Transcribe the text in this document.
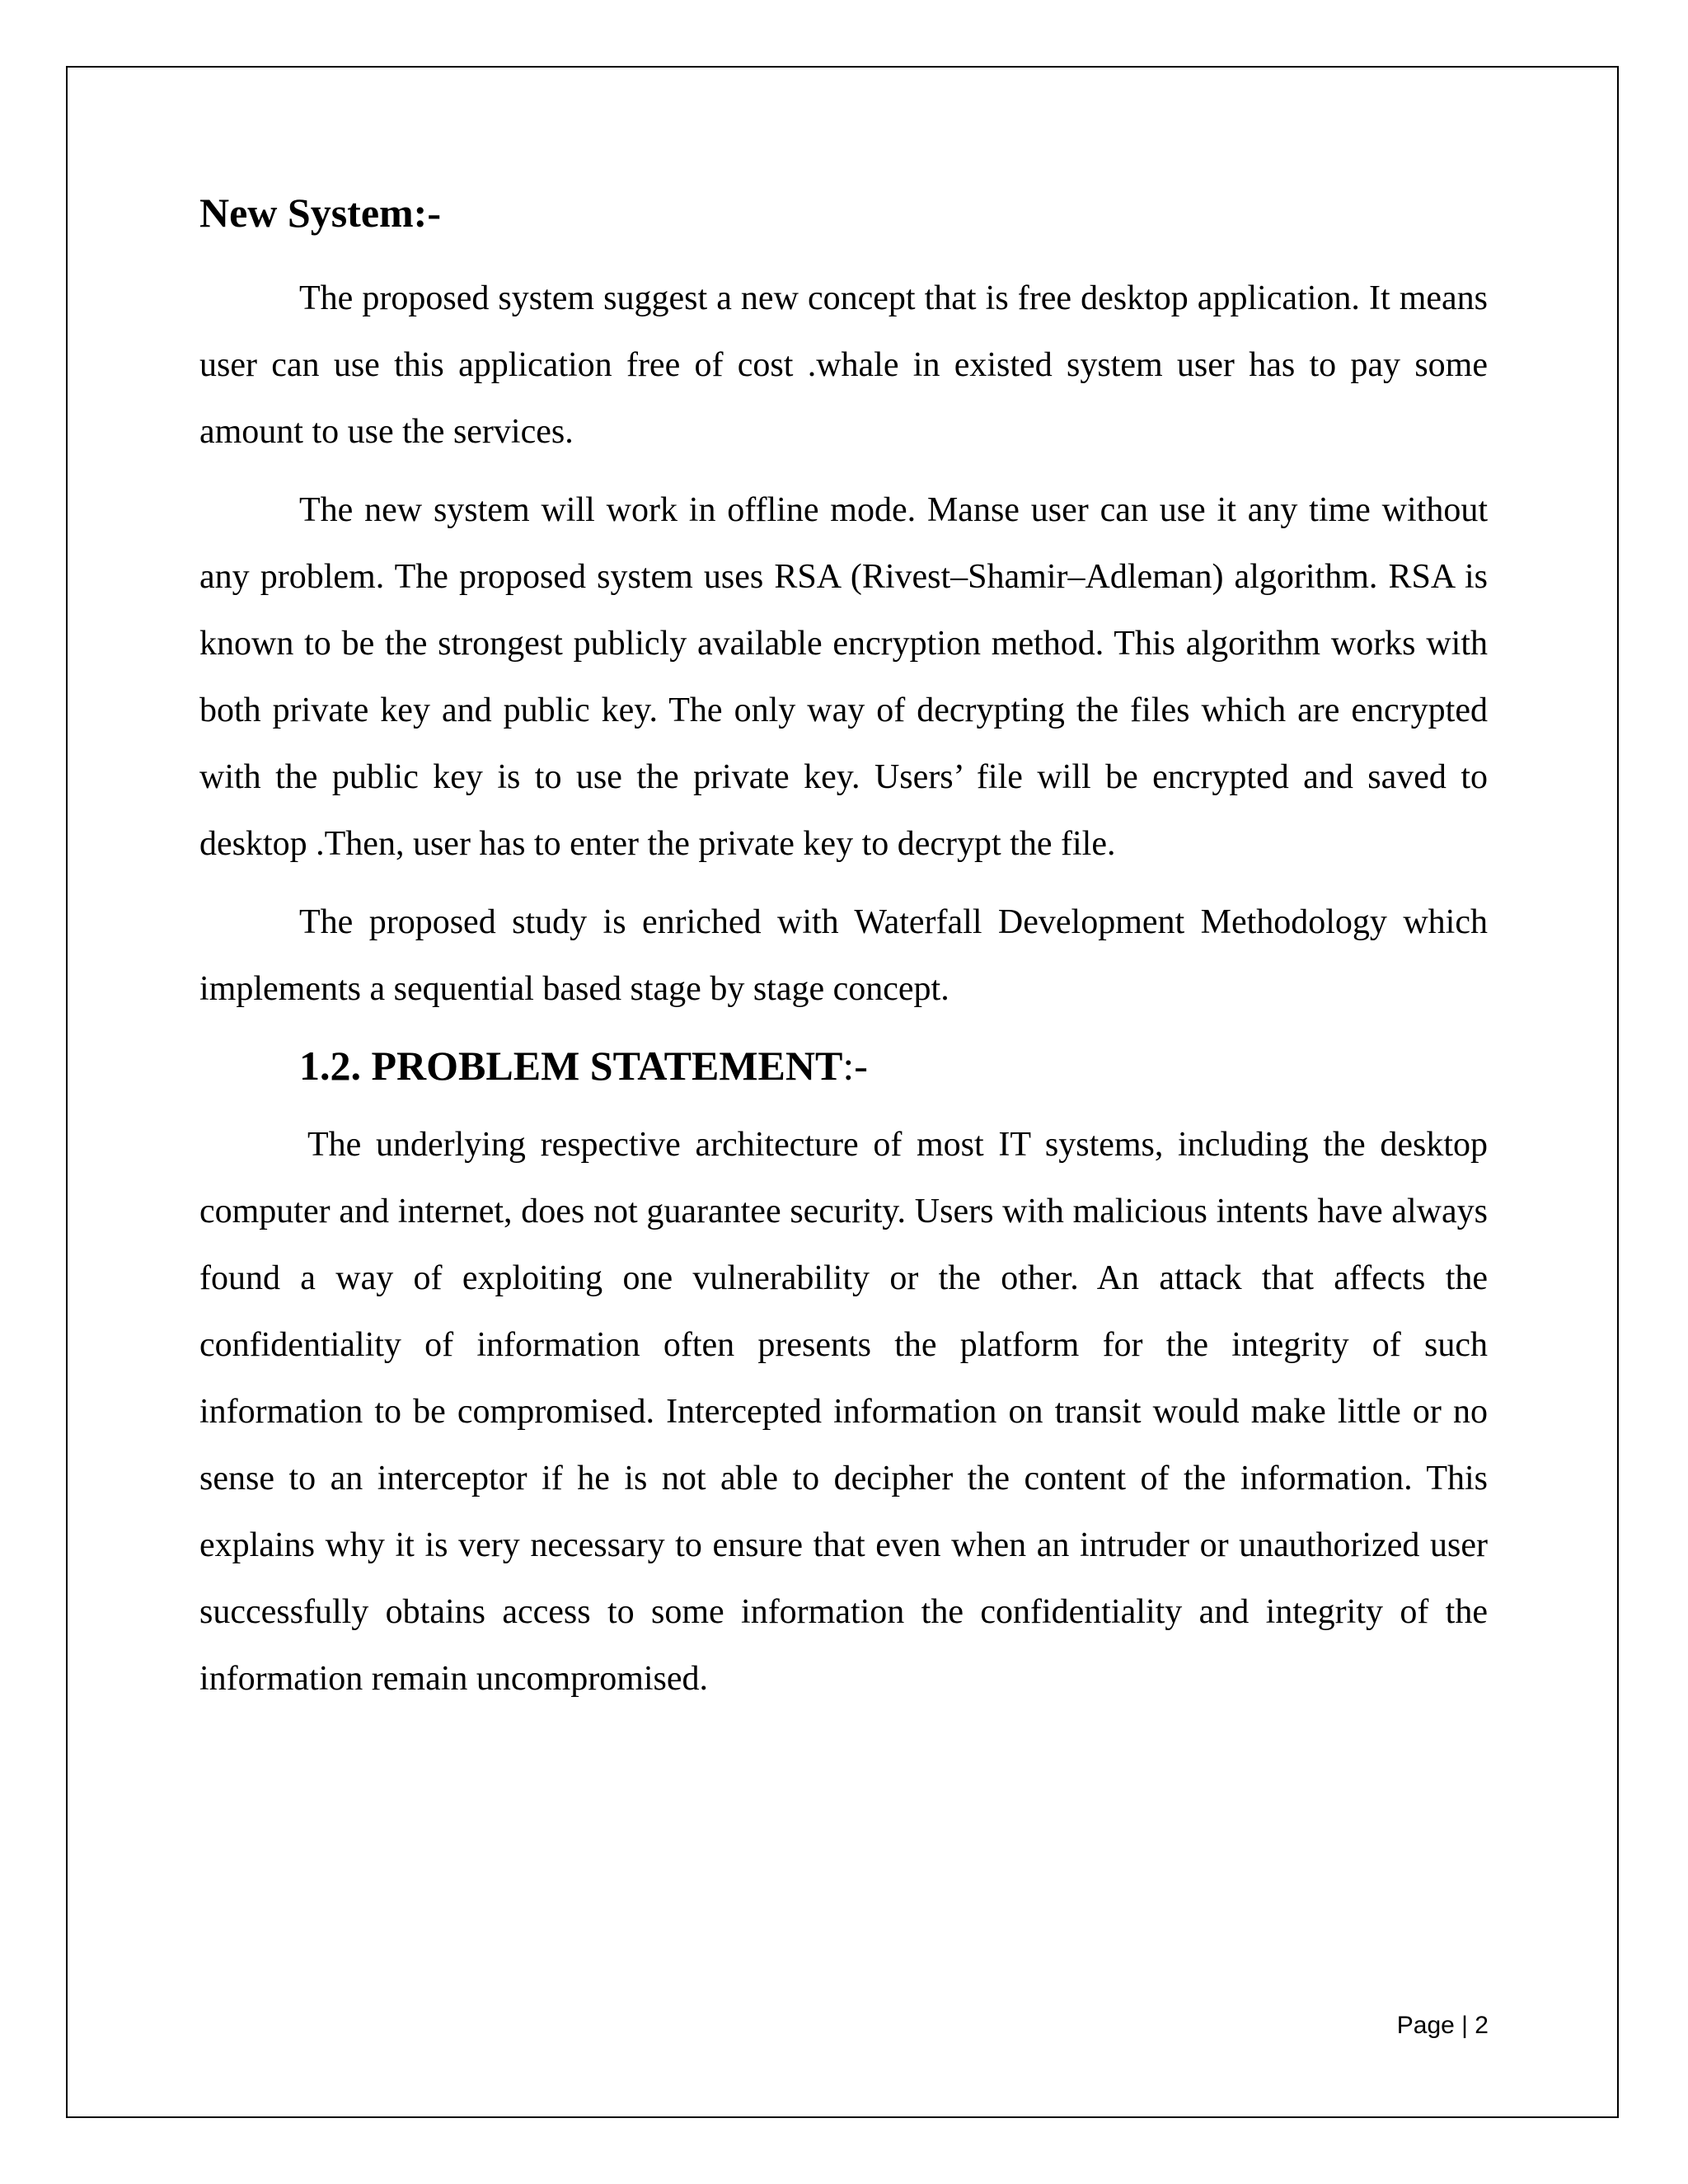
New System:-

The proposed system suggest a new concept that is free desktop application. It means user can use this application free of cost .whale in existed system user has to pay some amount to use the services.

The new system will work in offline mode. Manse user can use it any time without any problem. The proposed system uses RSA (Rivest–Shamir–Adleman) algorithm. RSA is known to be the strongest publicly available encryption method. This algorithm works with both private key and public key. The only way of decrypting the files which are encrypted with the public key is to use the private key. Users’ file will be encrypted and saved to desktop .Then, user has to enter the private key to decrypt the file.

The proposed study is enriched with Waterfall Development Methodology which implements a sequential based stage by stage concept.

1.2. PROBLEM STATEMENT:-

The underlying respective architecture of most IT systems, including the desktop computer and internet, does not guarantee security. Users with malicious intents have always found a way of exploiting one vulnerability or the other. An attack that affects the confidentiality of information often presents the platform for the integrity of such information to be compromised. Intercepted information on transit would make little or no sense to an interceptor if he is not able to decipher the content of the information. This explains why it is very necessary to ensure that even when an intruder or unauthorized user successfully obtains access to some information the confidentiality and integrity of the information remain uncompromised.

Page | 2
